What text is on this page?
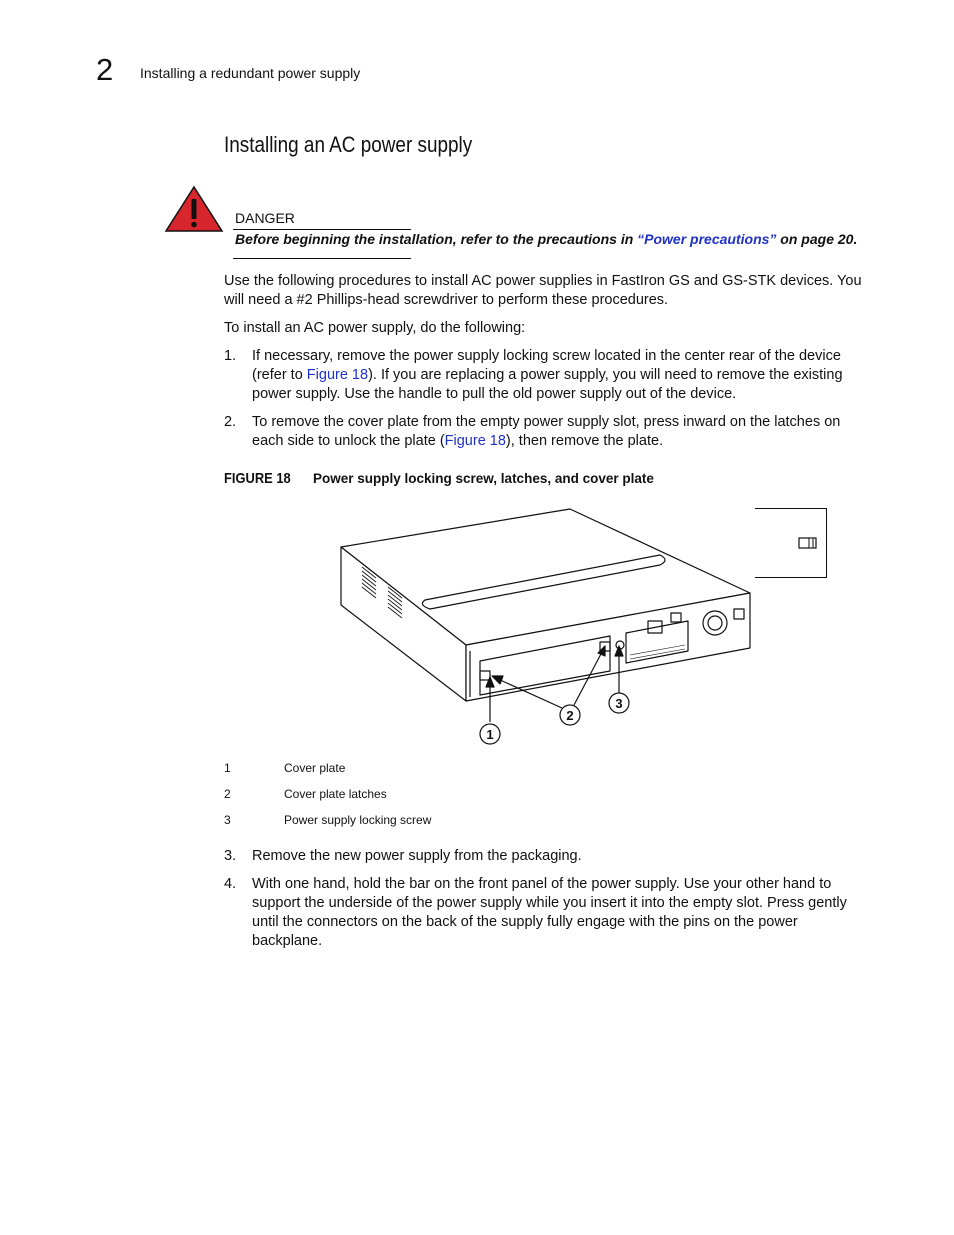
2 Installing a redundant power supply
Installing an AC power supply
DANGER
Before beginning the installation, refer to the precautions in “Power precautions” on page 20.
Use the following procedures to install AC power supplies in FastIron GS and GS-STK devices. You
will need a #2 Phillips-head screwdriver to perform these procedures.
To install an AC power supply, do the following:
1. If necessary, remove the power supply locking screw located in the center rear of the device
(refer to Figure 18). If you are replacing a power supply, you will need to remove the existing
power supply. Use the handle to pull the old power supply out of the device.
2. To remove the cover plate from the empty power supply slot, press inward on the latches on
each side to unlock the plate (Figure 18), then remove the plate.
FIGURE 18 Power supply locking screw, latches, and cover plate
1
2
3
1	Cover plate
2	Cover plate latches
3	Power supply locking screw
3. Remove the new power supply from the packaging.
4. With one hand, hold the bar on the front panel of the power supply. Use your other hand to
support the underside of the power supply while you insert it into the empty slot. Press gently
until the connectors on the back of the supply fully engage with the pins on the power
backplane.
